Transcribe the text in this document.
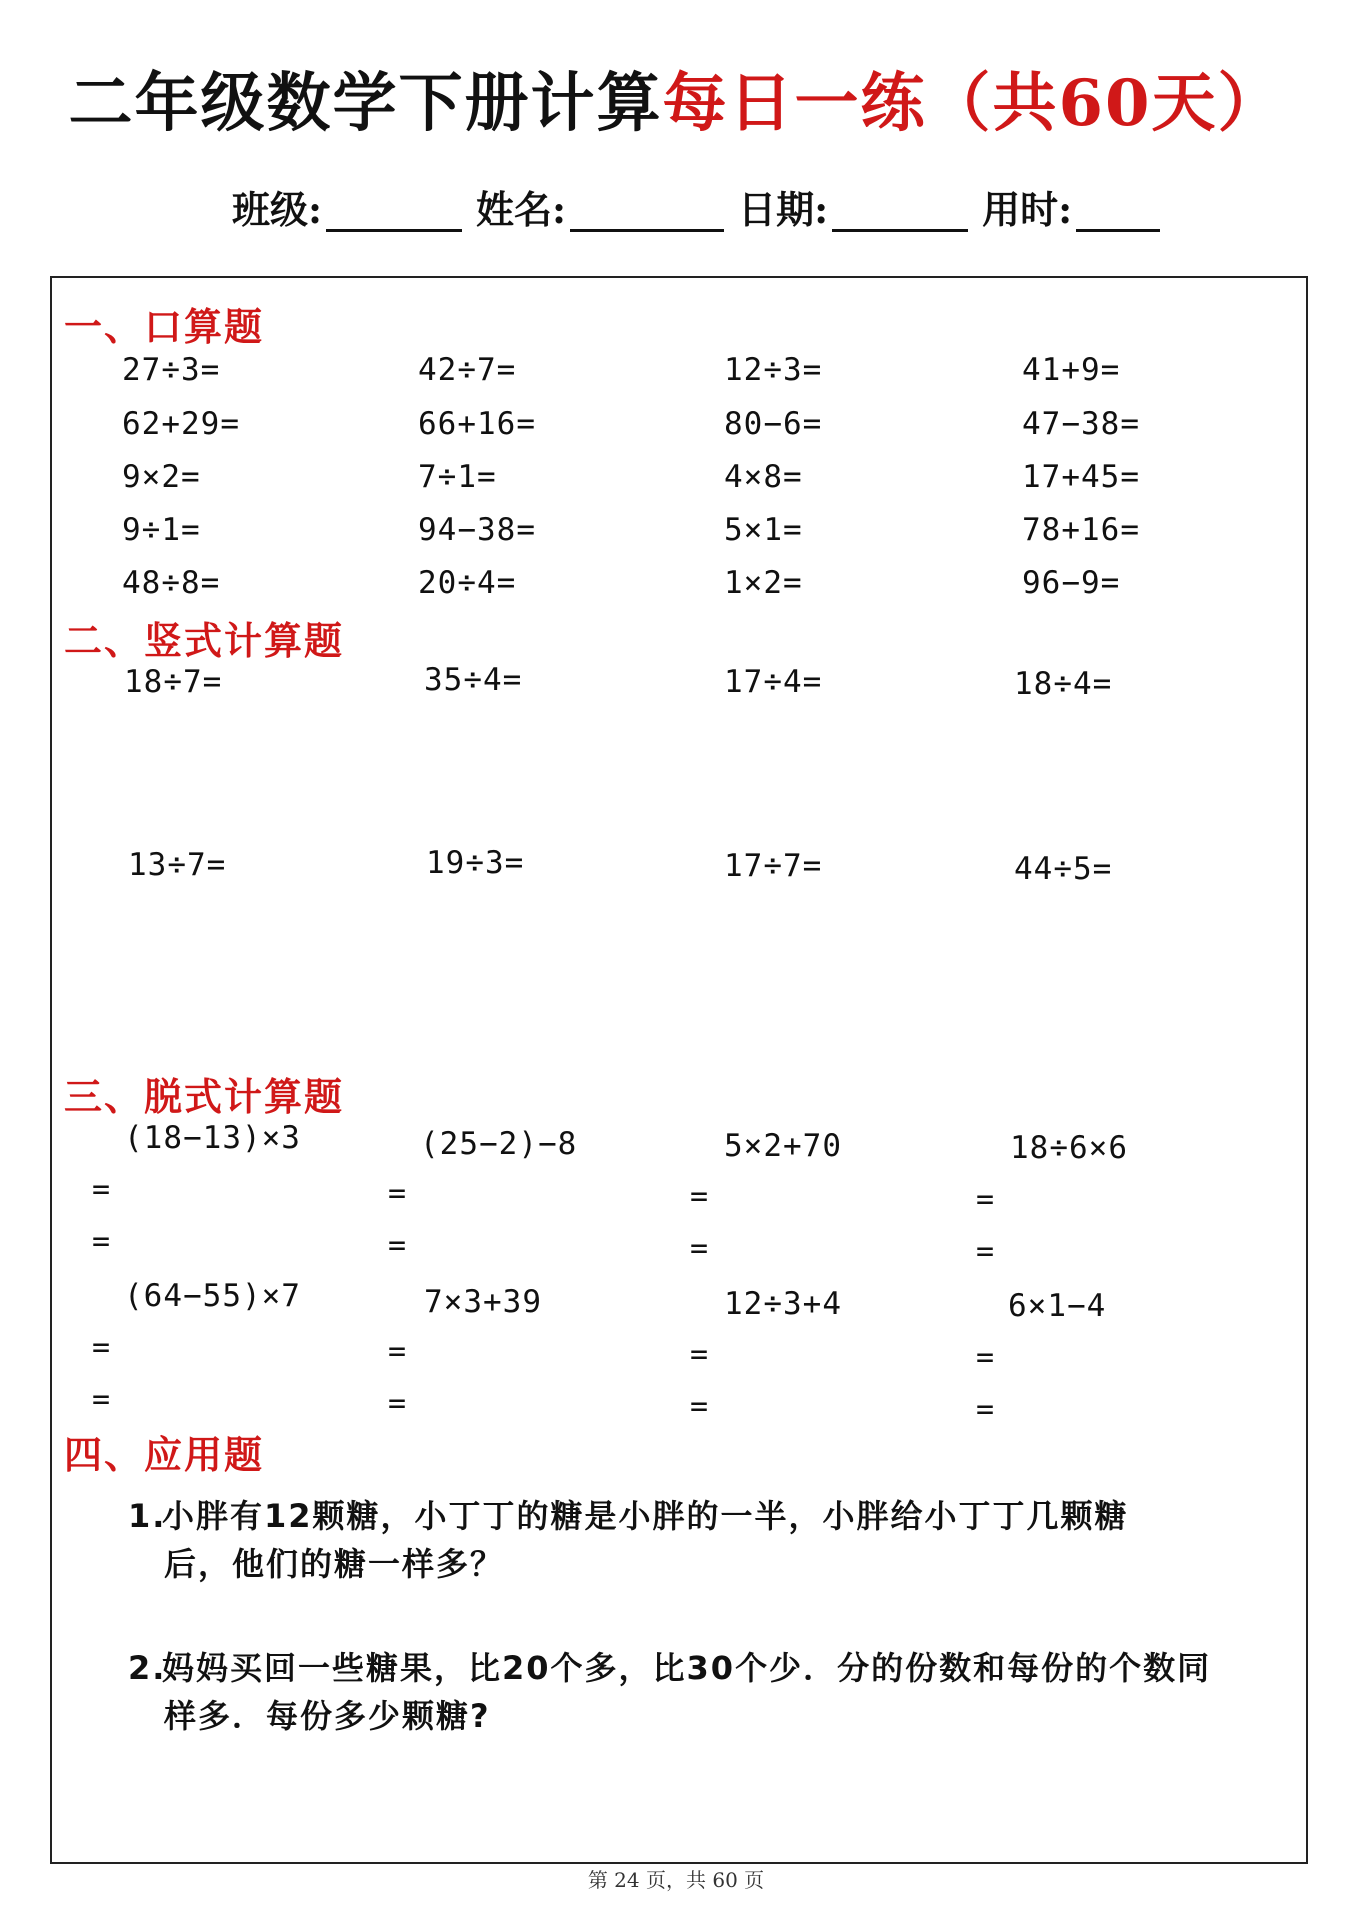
二年级数学下册计算每日一练（共60天）
班级:	姓名:	日期:	用时:
一、口算题
27÷3=	42÷7=	12÷3=	41+9=
62+29=	66+16=	80−6=	47−38=
9×2=	7÷1=	4×8=	17+45=
9÷1=	94−38=	5×1=	78+16=
48÷8=	20÷4=	1×2=	96−9=
二、竖式计算题
18÷7=	35÷4=	17÷4=	18÷4=
13÷7=	19÷3=	17÷7=	44÷5=
三、脱式计算题
(18−13)×3	(25−2)−8	5×2+70	18÷6×6
=
=
=
=
=
=
=
=
(64−55)×7	7×3+39	12÷3+4	6×1−4
=
=
=
=
=
=
=
=
四、应用题
1.小胖有12颗糖，小丁丁的糖是小胖的一半，小胖给小丁丁几颗糖
后，他们的糖一样多？
2.妈妈买回一些糖果，比20个多，比30个少．分的份数和每份的个数同
样多．每份多少颗糖?
第 24 页，共 60 页
